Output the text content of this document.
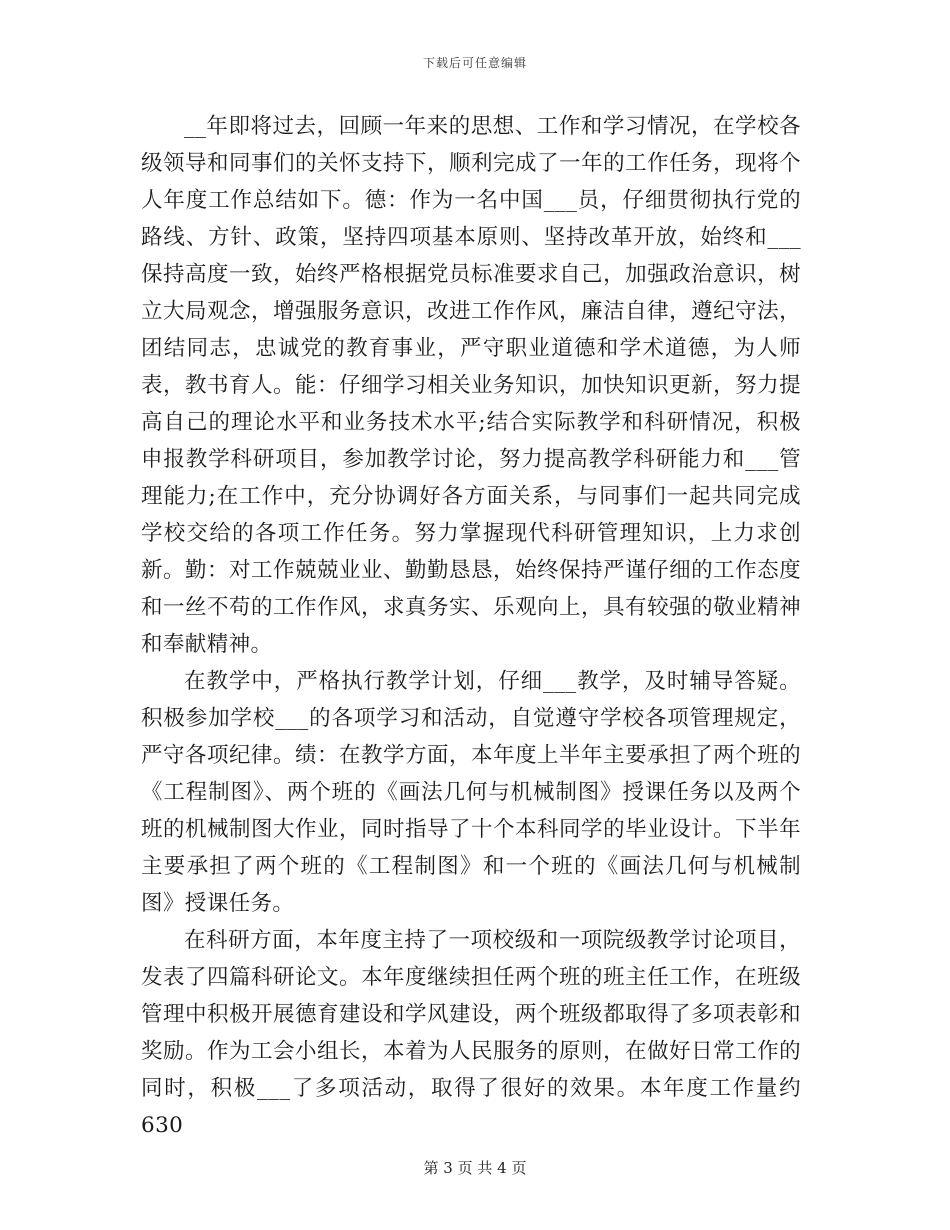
下载后可任意编辑

__年即将过去，回顾一年来的思想、工作和学习情况，在学校各级领导和同事们的关怀支持下，顺利完成了一年的工作任务，现将个人年度工作总结如下。德：作为一名中国___员，仔细贯彻执行党的路线、方针、政策，坚持四项基本原则、坚持改革开放，始终和___保持高度一致，始终严格根据党员标准要求自己，加强政治意识，树立大局观念，增强服务意识，改进工作作风，廉洁自律，遵纪守法，团结同志，忠诚党的教育事业，严守职业道德和学术道德，为人师表，教书育人。能：仔细学习相关业务知识，加快知识更新，努力提高自己的理论水平和业务技术水平;结合实际教学和科研情况，积极申报教学科研项目，参加教学讨论，努力提高教学科研能力和___管理能力;在工作中，充分协调好各方面关系，与同事们一起共同完成学校交给的各项工作任务。努力掌握现代科研管理知识，上力求创新。勤：对工作兢兢业业、勤勤恳恳，始终保持严谨仔细的工作态度和一丝不苟的工作作风，求真务实、乐观向上，具有较强的敬业精神和奉献精神。

在教学中，严格执行教学计划，仔细___教学，及时辅导答疑。积极参加学校___的各项学习和活动，自觉遵守学校各项管理规定，严守各项纪律。绩：在教学方面，本年度上半年主要承担了两个班的《工程制图》、两个班的《画法几何与机械制图》授课任务以及两个班的机械制图大作业，同时指导了十个本科同学的毕业设计。下半年主要承担了两个班的《工程制图》和一个班的《画法几何与机械制图》授课任务。

在科研方面，本年度主持了一项校级和一项院级教学讨论项目，发表了四篇科研论文。本年度继续担任两个班的班主任工作，在班级管理中积极开展德育建设和学风建设，两个班级都取得了多项表彰和奖励。作为工会小组长，本着为人民服务的原则，在做好日常工作的同时，积极___了多项活动，取得了很好的效果。本年度工作量约630

第 3 页 共 4 页
